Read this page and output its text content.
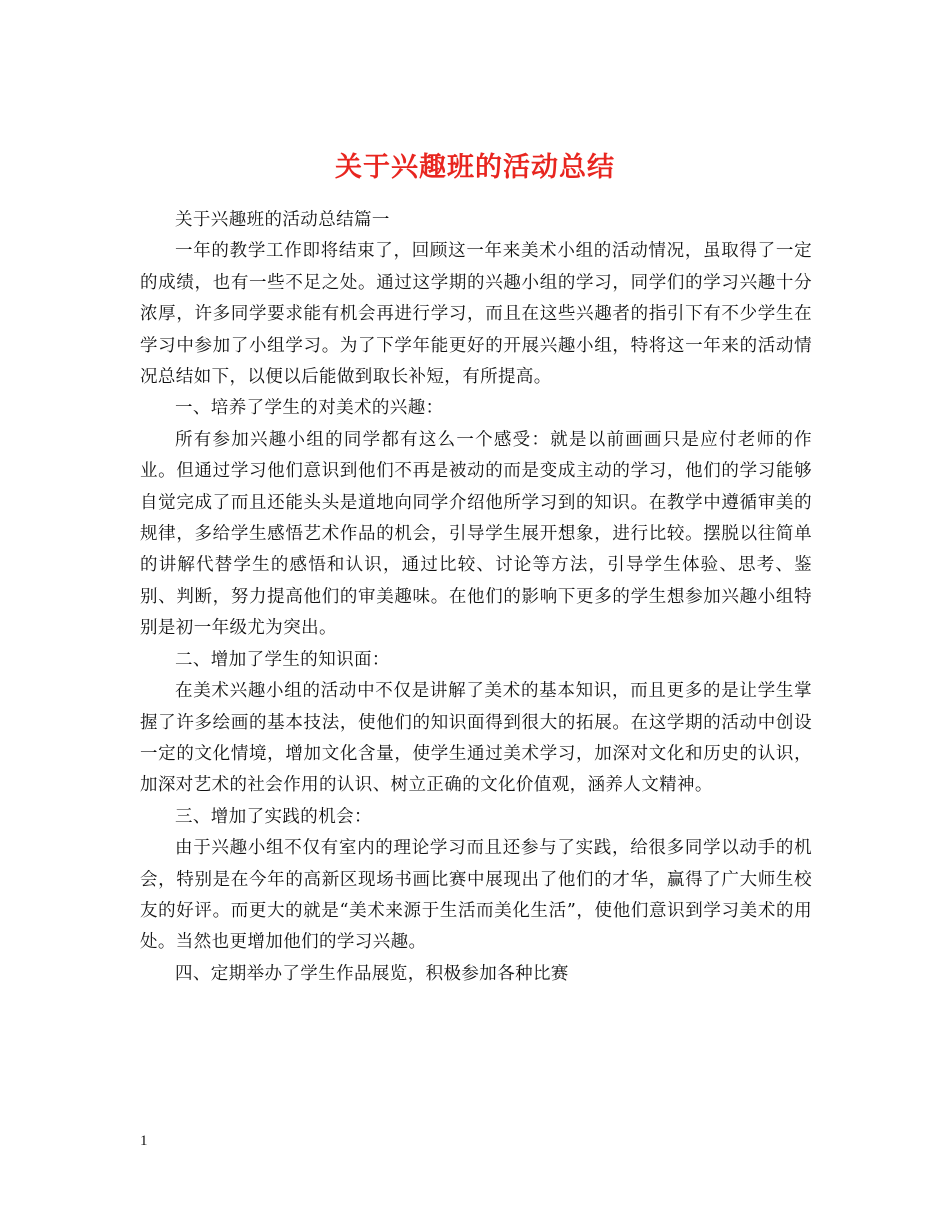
关于兴趣班的活动总结

关于兴趣班的活动总结篇一

一年的教学工作即将结束了，回顾这一年来美术小组的活动情况，虽取得了一定的成绩，也有一些不足之处。通过这学期的兴趣小组的学习，同学们的学习兴趣十分浓厚，许多同学要求能有机会再进行学习，而且在这些兴趣者的指引下有不少学生在学习中参加了小组学习。为了下学年能更好的开展兴趣小组，特将这一年来的活动情况总结如下，以便以后能做到取长补短，有所提高。

一、培养了学生的对美术的兴趣：

所有参加兴趣小组的同学都有这么一个感受：就是以前画画只是应付老师的作业。但通过学习他们意识到他们不再是被动的而是变成主动的学习，他们的学习能够自觉完成了而且还能头头是道地向同学介绍他所学习到的知识。在教学中遵循审美的规律，多给学生感悟艺术作品的机会，引导学生展开想象，进行比较。摆脱以往简单的讲解代替学生的感悟和认识，通过比较、讨论等方法，引导学生体验、思考、鉴别、判断，努力提高他们的审美趣味。在他们的影响下更多的学生想参加兴趣小组特别是初一年级尤为突出。

二、增加了学生的知识面：

在美术兴趣小组的活动中不仅是讲解了美术的基本知识，而且更多的是让学生掌握了许多绘画的基本技法，使他们的知识面得到很大的拓展。在这学期的活动中创设一定的文化情境，增加文化含量，使学生通过美术学习，加深对文化和历史的认识，加深对艺术的社会作用的认识、树立正确的文化价值观，涵养人文精神。

三、增加了实践的机会：

由于兴趣小组不仅有室内的理论学习而且还参与了实践，给很多同学以动手的机会，特别是在今年的高新区现场书画比赛中展现出了他们的才华，赢得了广大师生校友的好评。而更大的就是“美术来源于生活而美化生活”，使他们意识到学习美术的用处。当然也更增加他们的学习兴趣。

四、定期举办了学生作品展览，积极参加各种比赛

1
